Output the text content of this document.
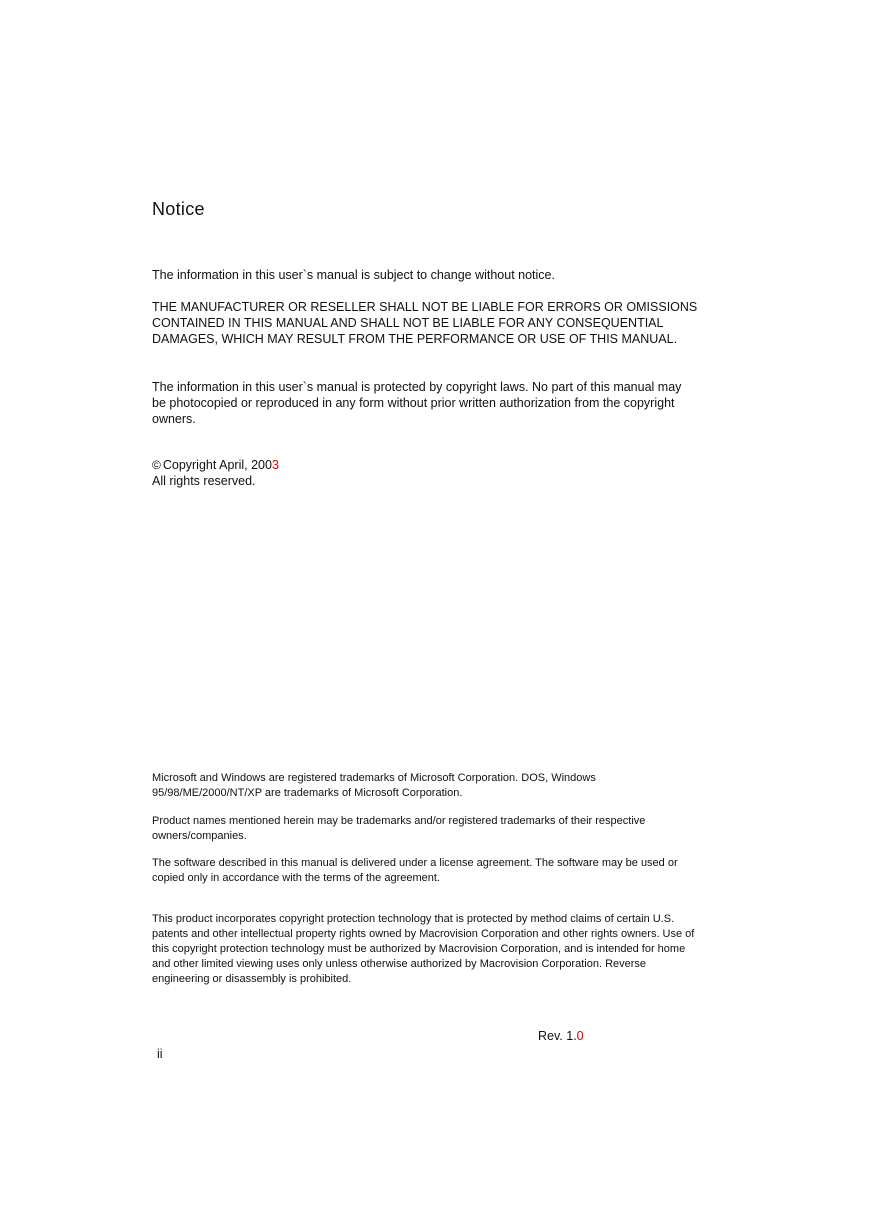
Notice

The information in this user`s manual is subject to change without notice.

THE MANUFACTURER OR RESELLER SHALL NOT BE LIABLE FOR ERRORS OR OMISSIONS CONTAINED IN THIS MANUAL AND SHALL NOT BE LIABLE FOR ANY CONSEQUENTIAL DAMAGES, WHICH MAY RESULT FROM THE PERFORMANCE OR USE OF THIS MANUAL.

The information in this user`s manual is protected by copyright laws. No part of this manual may be photocopied or reproduced in any form without prior written authorization from the copyright owners.

© Copyright April, 2003
All rights reserved.

Microsoft and Windows are registered trademarks of Microsoft Corporation. DOS, Windows 95/98/ME/2000/NT/XP are trademarks of Microsoft Corporation.

Product names mentioned herein may be trademarks and/or registered trademarks of their respective owners/companies.

The software described in this manual is delivered under a license agreement. The software may be used or copied only in accordance with the terms of the agreement.

This product incorporates copyright protection technology that is protected by method claims of certain U.S. patents and other intellectual property rights owned by Macrovision Corporation and other rights owners. Use of this copyright protection technology must be authorized by Macrovision Corporation, and is intended for home and other limited viewing uses only unless otherwise authorized by Macrovision Corporation. Reverse engineering or disassembly is prohibited.

Rev. 1.0
ii
